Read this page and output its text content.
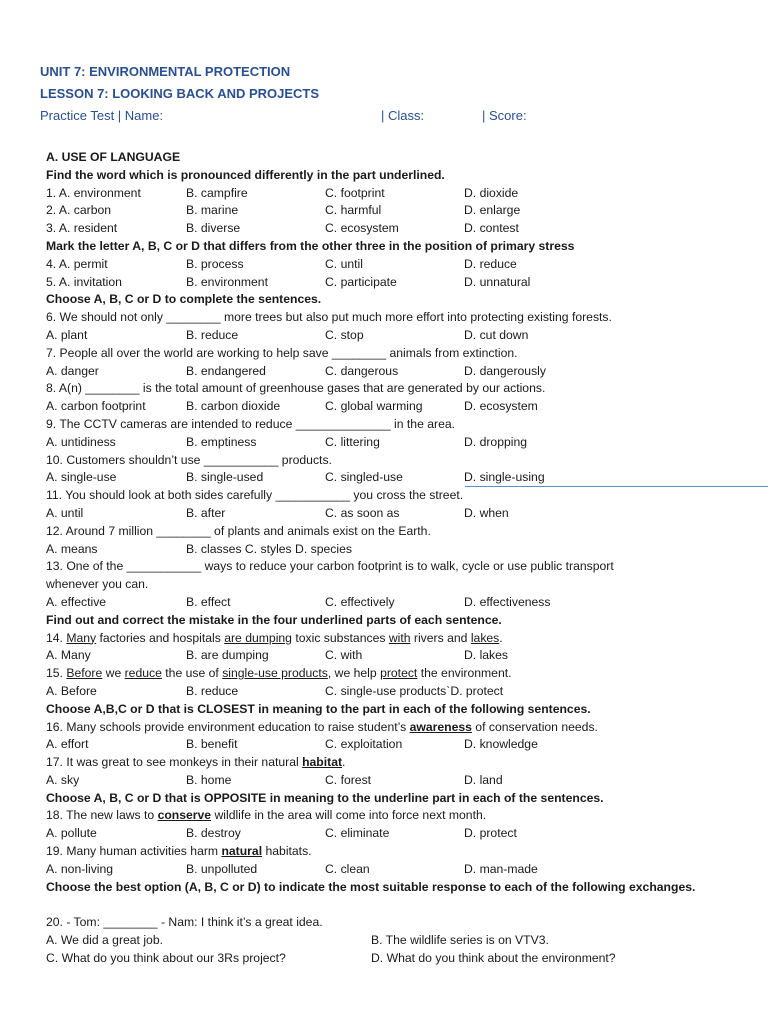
UNIT 7: ENVIRONMENTAL PROTECTION
LESSON 7: LOOKING BACK AND PROJECTS
Practice Test | Name:	| Class:	| Score:
A. USE OF LANGUAGE
Find the word which is pronounced differently in the part underlined.
1. A. environment	B. campfire	C. footprint	D. dioxide
2. A. carbon	B. marine	C. harmful	D. enlarge
3. A. resident	B. diverse	C. ecosystem	D. contest
Mark the letter A, B, C or D that differs from the other three in the position of primary stress
4. A. permit	B. process	C. until	D. reduce
5. A. invitation	B. environment	C. participate	D. unnatural
Choose A, B, C or D to complete the sentences.
6. We should not only ________ more trees but also put much more effort into protecting existing forests.
A. plant	B. reduce	C. stop	D. cut down
7. People all over the world are working to help save ________ animals from extinction.
A. danger	B. endangered	C. dangerous	D. dangerously
8. A(n) ________ is the total amount of greenhouse gases that are generated by our actions.
A. carbon footprint	B. carbon dioxide	C. global warming	D. ecosystem
9. The CCTV cameras are intended to reduce ______________ in the area.
A. untidiness	B. emptiness	C. littering	D. dropping
10. Customers shouldn’t use ___________ products.
A. single-use	B. single-used	C. singled-use	D. single-using
11. You should look at both sides carefully ___________ you cross the street.
A. until	B. after	C. as soon as	D. when
12. Around 7 million ________ of plants and animals exist on the Earth.
A. means	B. classes C. styles D. species
13. One of the ___________ ways to reduce your carbon footprint is to walk, cycle or use public transport
whenever you can.
A. effective	B. effect	C. effectively	D. effectiveness
Find out and correct the mistake in the four underlined parts of each sentence.
14. Many factories and hospitals are dumping toxic substances with rivers and lakes.
A. Many	B. are dumping	C. with	D. lakes
15. Before we reduce the use of single-use products, we help protect the environment.
A. Before	B. reduce	C. single-use products`D. protect
Choose A,B,C or D that is CLOSEST in meaning to the part in each of the following sentences.
16. Many schools provide environment education to raise student’s awareness of conservation needs.
A. effort	B. benefit	C. exploitation	D. knowledge
17. It was great to see monkeys in their natural habitat.
A. sky	B. home	C. forest	D. land
Choose A, B, C or D that is OPPOSITE in meaning to the underline part in each of the sentences.
18. The new laws to conserve wildlife in the area will come into force next month.
A. pollute	B. destroy	C. eliminate	D. protect
19. Many human activities harm natural habitats.
A. non-living	B. unpolluted	C. clean	D. man-made
Choose the best option (A, B, C or D) to indicate the most suitable response to each of the following exchanges.
20. - Tom: ________ - Nam: I think it’s a great idea.
A. We did a great job.	B. The wildlife series is on VTV3.
C. What do you think about our 3Rs project?	D. What do you think about the environment?
